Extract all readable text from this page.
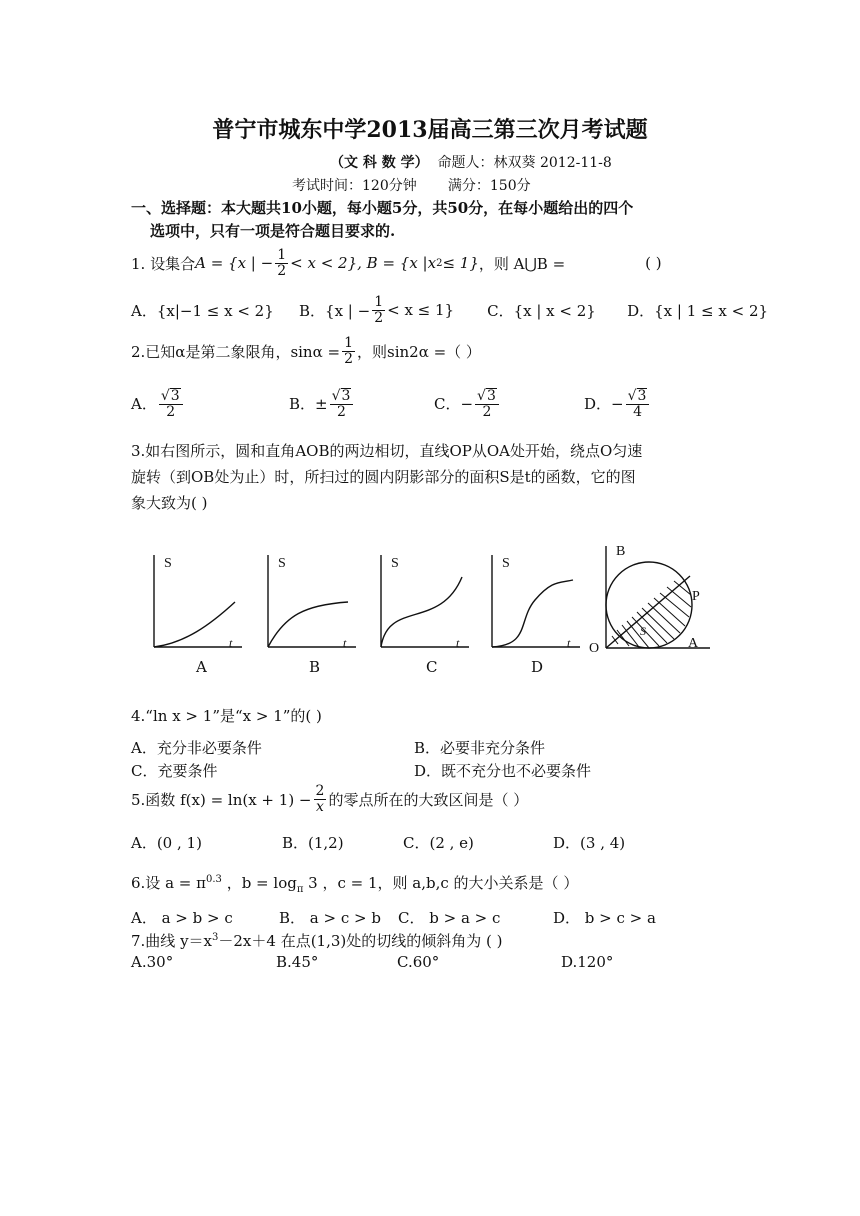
普宁市城东中学2013届高三第三次月考试题
（文 科 数 学） 命题人：林双葵 2012-11-8
考试时间：120分钟 满分：150分
一、选择题：本大题共10小题，每小题5分，共50分，在每小题给出的四个
选项中，只有一项是符合题目要求的.
1. 设集合 A = {x | − $\frac{1}{2} < x < 2$}, B = {x |x 2 ≤ 1} ，则 A⋃B =	( )
A．{x|−1 ≤ x < 2}	B．{x | − $\frac{1}{2} < x \le 1$}	C．{x | x < 2}	D．{x | 1 ≤ x < 2}
2.已知α是第二象限角，$\sin\alpha = \frac{1}{2}$ ，则sin2α =（ ）
A． $\frac{√3}{2}$	B．± $\frac{√3}{2}$	C．− $\frac{√3}{2}$	D．− $\frac{√3}{4}$
3.如右图所示，圆和直角AOB的两边相切，直线OP从OA处开始，绕点O匀速
旋转（到OB处为止）时，所扫过的圆内阴影部分的面积S是t的函数，它的图
象大致为( )
S
t
S
t
S
t
S
t
A	B	C	D
B
P
O	A
S
4.“ln x > 1”是“x > 1”的( )
A．充分非必要条件	B．必要非充分条件
C．充要条件	D．既不充分也不必要条件
5.函数 $f(x) = \ln(x + 1) - \frac{2}{x}$ 的零点所在的大致区间是（ ）
A．(0 , 1)	B．(1,2)	C．(2 , e)	D．(3 , 4)
6.设 $a = \pi^{0.3}$ ，$b = \log_\pi 3$ ，c = 1，则 a,b,c 的大小关系是（ ）
A． a > b > c	B． a > c > b C． b > a > c	D． b > c > a
7.曲线 $y=x^3-2x+4$ 在点(1,3)处的切线的倾斜角为 ( )
A.30°	B.45°	C.60°	D.120°
